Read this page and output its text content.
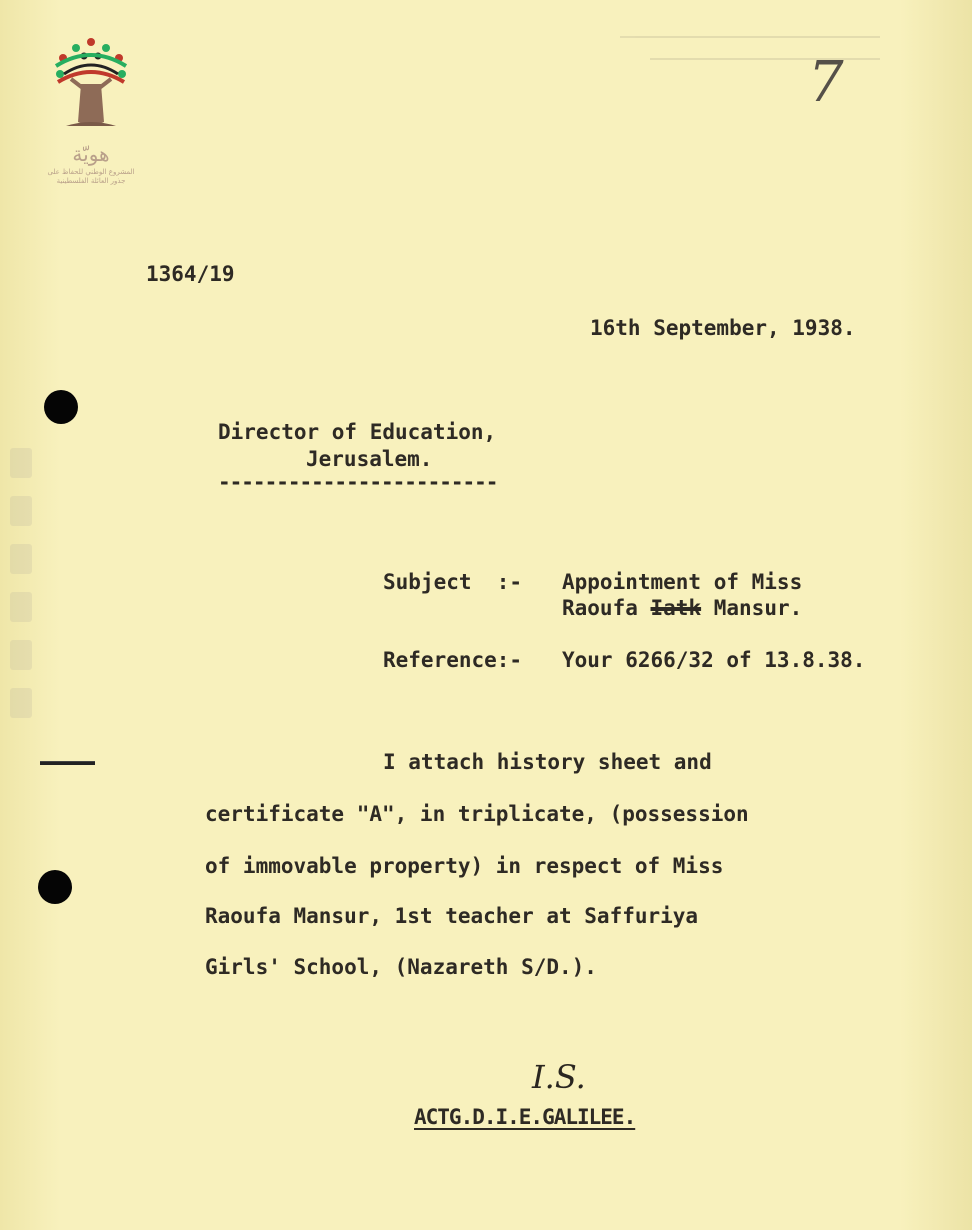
هويّة
المشروع الوطني للحفاظ على
جذور العائلة الفلسطينية
7
1364/19
16th September, 1938.
Director of Education,
Jerusalem.
------------------------
Subject  :- Appointment of Miss
Raoufa Iatk Mansur.
Reference:- Your 6266/32 of 13.8.38.
I attach history sheet and
certificate "A", in triplicate, (possession
of immovable property) in respect of Miss
Raoufa Mansur, 1st teacher at Saffuriya
Girls' School, (Nazareth S/D.).
I.S.
ACTG.D.I.E.GALILEE.
